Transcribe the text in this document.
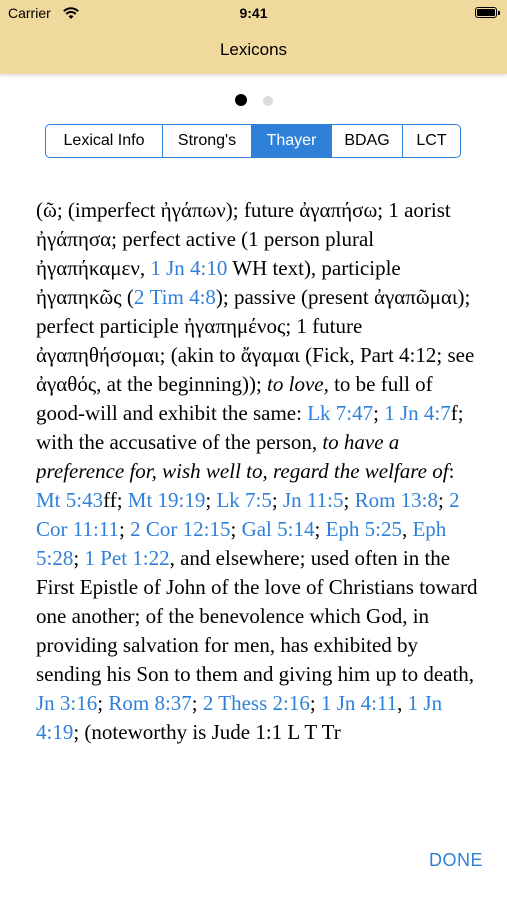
Carrier	9:41
Lexicons
Lexical Info	Strong's	Thayer	BDAG	LCT
(ῶ; (imperfect ἠγάπων); future ἀγαπήσω; 1 aorist ἠγάπησα; perfect active (1 person plural ἠγαπήκαμεν, 1 Jn 4:10 WH text), participle ἠγαπηκῶς (2 Tim 4:8); passive (present ἀγαπῶμαι); perfect participle ἠγαπημένος; 1 future ἀγαπηθήσομαι; (akin to ἄγαμαι (Fick, Part 4:12; see ἀγαθός, at the beginning)); to love, to be full of good-will and exhibit the same: Lk 7:47; 1 Jn 4:7f; with the accusative of the person, to have a preference for, wish well to, regard the welfare of: Mt 5:43ff; Mt 19:19; Lk 7:5; Jn 11:5; Rom 13:8; 2 Cor 11:11; 2 Cor 12:15; Gal 5:14; Eph 5:25, Eph 5:28; 1 Pet 1:22, and elsewhere; used often in the First Epistle of John of the love of Christians toward one another; of the benevolence which God, in providing salvation for men, has exhibited by sending his Son to them and giving him up to death, Jn 3:16; Rom 8:37; 2 Thess 2:16; 1 Jn 4:11, 1 Jn 4:19; (noteworthy is Jude 1:1 L T Tr
DONE
